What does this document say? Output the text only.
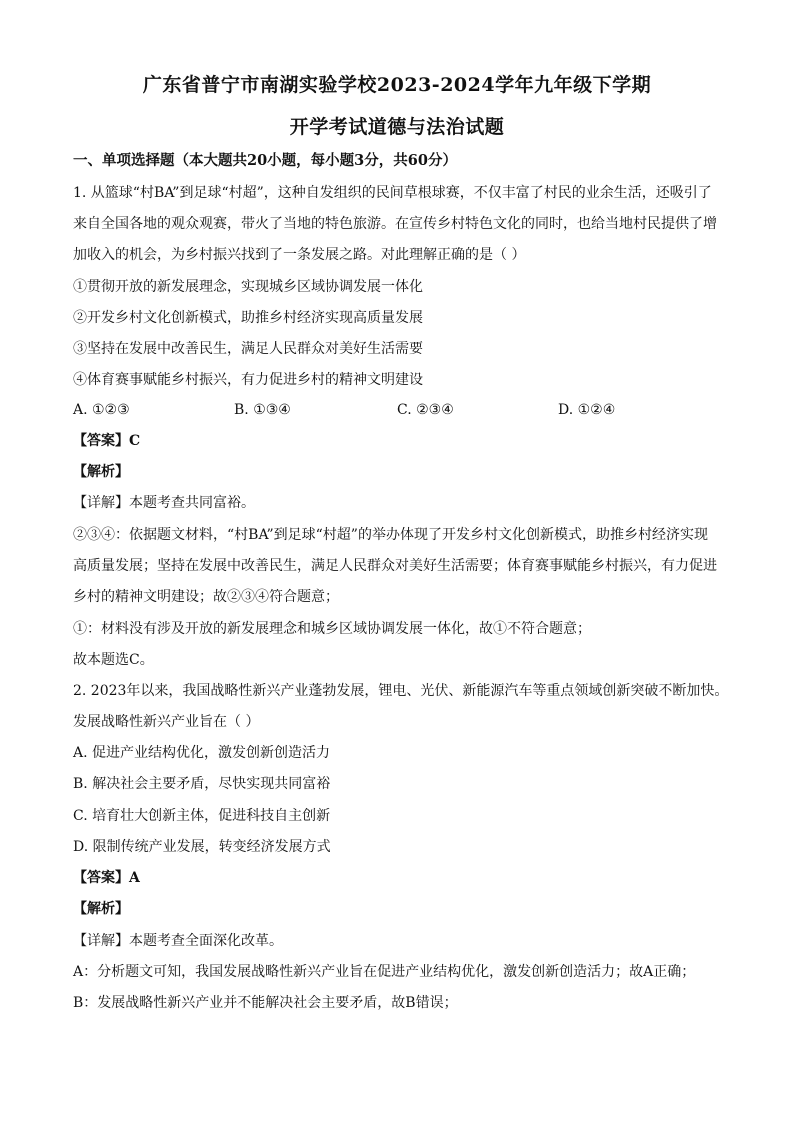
广东省普宁市南湖实验学校2023-2024学年九年级下学期
开学考试道德与法治试题
一、单项选择题（本大题共20小题，每小题3分，共60分）
1. 从篮球“村BA”到足球“村超”，这种自发组织的民间草根球赛，不仅丰富了村民的业余生活，还吸引了
来自全国各地的观众观赛，带火了当地的特色旅游。在宣传乡村特色文化的同时，也给当地村民提供了增
加收入的机会，为乡村振兴找到了一条发展之路。对此理解正确的是（ ）
①贯彻开放的新发展理念，实现城乡区域协调发展一体化
②开发乡村文化创新模式，助推乡村经济实现高质量发展
③坚持在发展中改善民生，满足人民群众对美好生活需要
④体育赛事赋能乡村振兴，有力促进乡村的精神文明建设
A. ①②③	B. ①③④	C. ②③④	D. ①②④
【答案】C
【解析】
【详解】本题考查共同富裕。
②③④：依据题文材料，“村BA”到足球“村超”的举办体现了开发乡村文化创新模式，助推乡村经济实现
高质量发展；坚持在发展中改善民生，满足人民群众对美好生活需要；体育赛事赋能乡村振兴，有力促进
乡村的精神文明建设；故②③④符合题意；
①：材料没有涉及开放的新发展理念和城乡区域协调发展一体化，故①不符合题意；
故本题选C。
2. 2023年以来，我国战略性新兴产业蓬勃发展，锂电、光伏、新能源汽车等重点领域创新突破不断加快。
发展战略性新兴产业旨在（ ）
A. 促进产业结构优化，激发创新创造活力
B. 解决社会主要矛盾，尽快实现共同富裕
C. 培育壮大创新主体，促进科技自主创新
D. 限制传统产业发展，转变经济发展方式
【答案】A
【解析】
【详解】本题考查全面深化改革。
A：分析题文可知，我国发展战略性新兴产业旨在促进产业结构优化，激发创新创造活力；故A正确；
B：发展战略性新兴产业并不能解决社会主要矛盾，故B错误；
